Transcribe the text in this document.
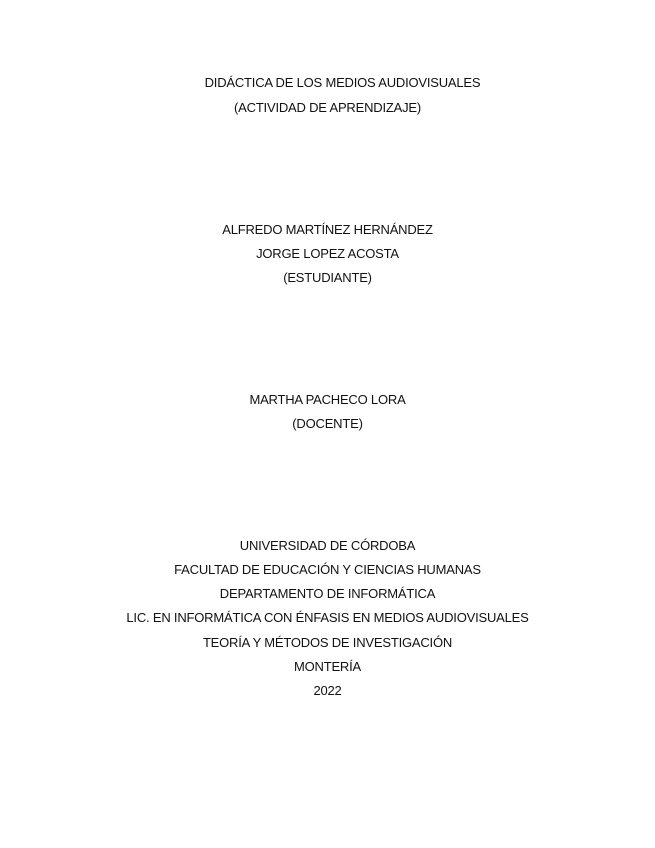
DIDÁCTICA DE LOS MEDIOS AUDIOVISUALES
(ACTIVIDAD DE APRENDIZAJE)
ALFREDO MARTÍNEZ HERNÁNDEZ
JORGE LOPEZ ACOSTA
(ESTUDIANTE)
MARTHA PACHECO LORA
(DOCENTE)
UNIVERSIDAD DE CÓRDOBA
FACULTAD DE EDUCACIÓN Y CIENCIAS HUMANAS
DEPARTAMENTO DE INFORMÁTICA
LIC. EN INFORMÁTICA CON ÉNFASIS EN MEDIOS AUDIOVISUALES
TEORÍA Y MÉTODOS DE INVESTIGACIÓN
MONTERÍA
2022
